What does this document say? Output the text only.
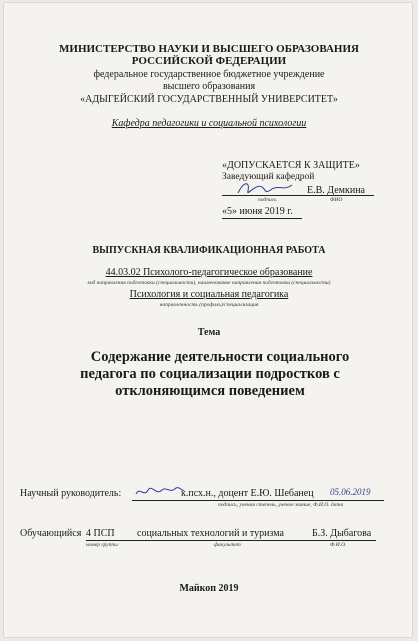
МИНИСТЕРСТВО НАУКИ И ВЫСШЕГО ОБРАЗОВАНИЯ
РОССИЙСКОЙ ФЕДЕРАЦИИ
федеральное государственное бюджетное учреждение
высшего образования
«АДЫГЕЙСКИЙ ГОСУДАРСТВЕННЫЙ УНИВЕРСИТЕТ»
Кафедра педагогики и социальной психологии
«ДОПУСКАЕТСЯ К ЗАЩИТЕ»
Заведующий кафедрой
Е.В. Демкина
подпись	ФИО
«5» июня 2019 г.
ВЫПУСКНАЯ КВАЛИФИКАЦИОННАЯ РАБОТА
44.03.02 Психолого-педагогическое образование
код направления подготовки (специальности), наименование направления подготовки (специальности)
Психология и социальная педагогика
направленность (профиль)/специализация
Тема
Содержание деятельности социального
педагога по социализации подростков с
отклоняющимся поведением
Научный руководитель:	к.псх.н., доцент Е.Ю. Шебанец 05.06.2019
подпись, ученая степень, ученое звание, Ф.И.О. дата
Обучающийся 4 ПСП социальных технологий и туризма	Б.З. Дыбагова
номер группы	факультет	Ф.И.О.
Майкоп 2019
